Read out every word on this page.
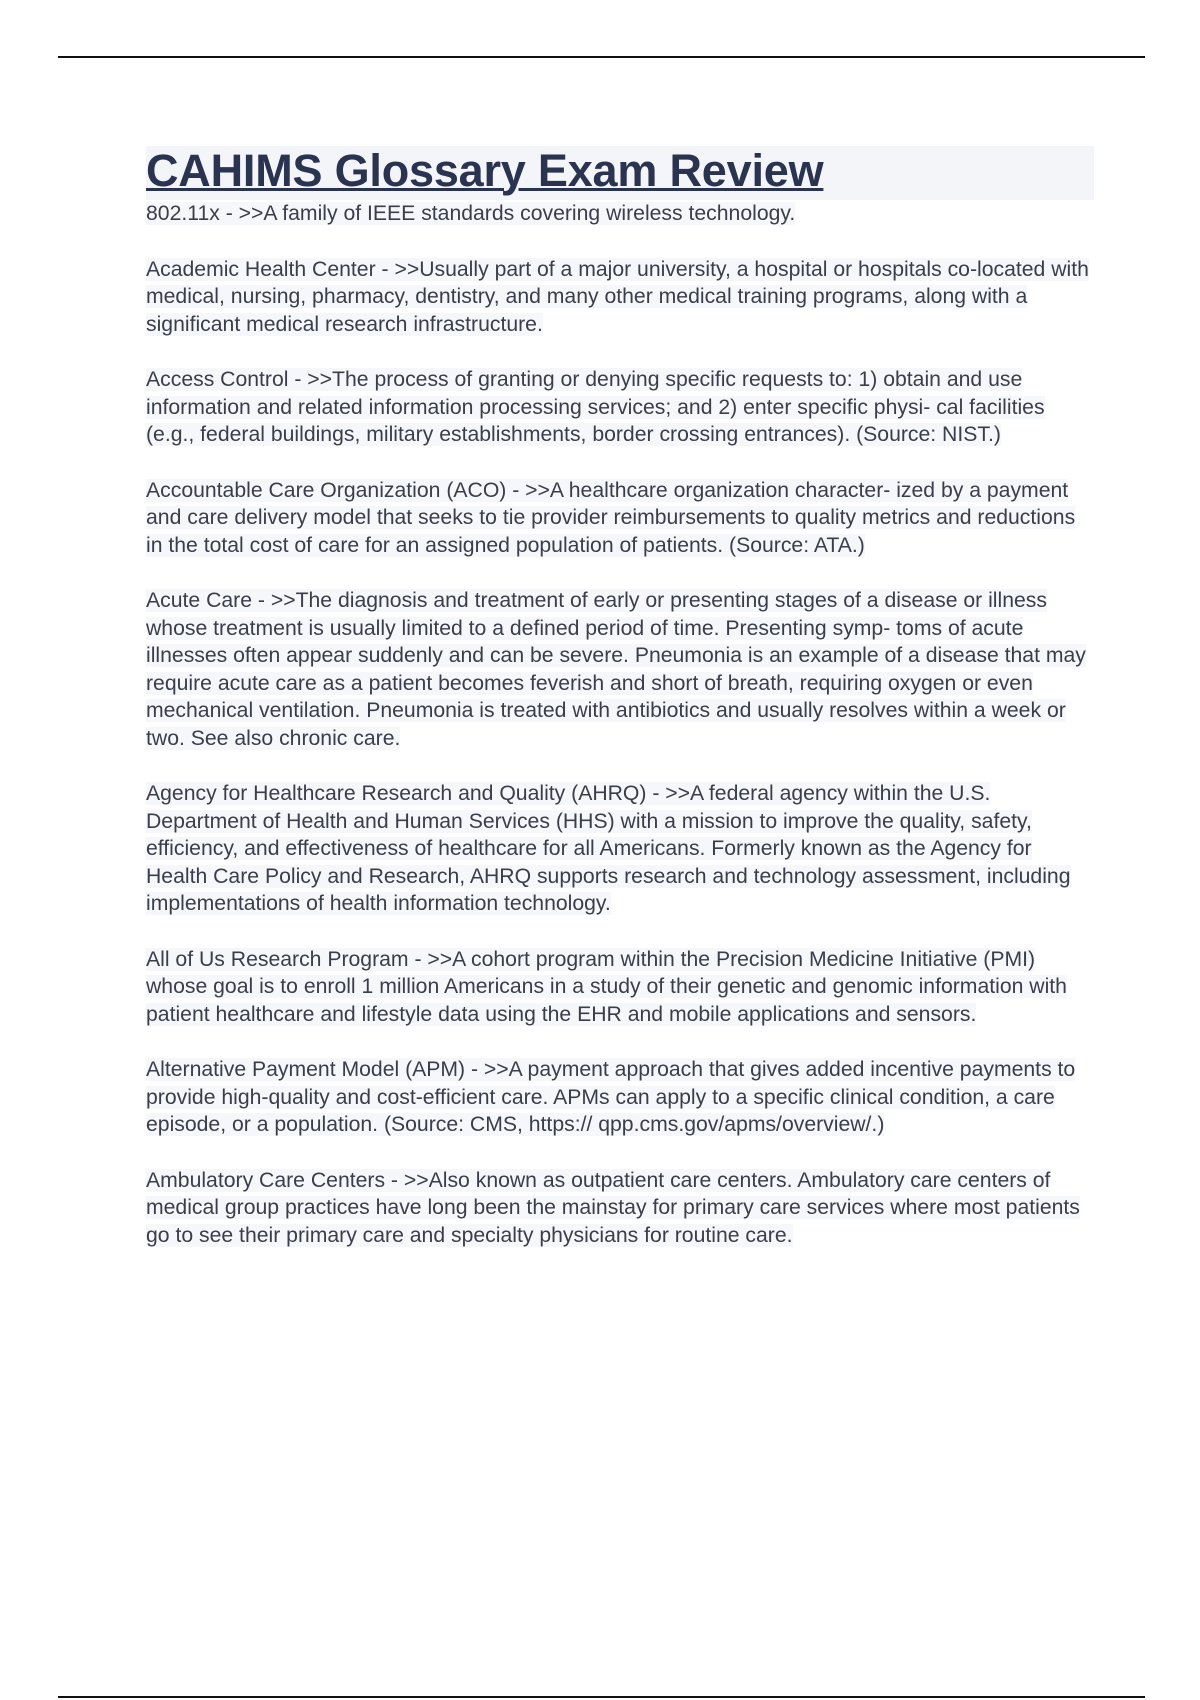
CAHIMS Glossary Exam Review
802.11x - >>A family of IEEE standards covering wireless technology.
Academic Health Center - >>Usually part of a major university, a hospital or hospitals co-located with medical, nursing, pharmacy, dentistry, and many other medical training programs, along with a significant medical research infrastructure.
Access Control - >>The process of granting or denying specific requests to: 1) obtain and use information and related information processing services; and 2) enter specific physi- cal facilities (e.g., federal buildings, military establishments, border crossing entrances). (Source: NIST.)
Accountable Care Organization (ACO) - >>A healthcare organization character- ized by a payment and care delivery model that seeks to tie provider reimbursements to quality metrics and reductions in the total cost of care for an assigned population of patients. (Source: ATA.)
Acute Care - >>The diagnosis and treatment of early or presenting stages of a disease or illness whose treatment is usually limited to a defined period of time. Presenting symp- toms of acute illnesses often appear suddenly and can be severe. Pneumonia is an example of a disease that may require acute care as a patient becomes feverish and short of breath, requiring oxygen or even mechanical ventilation. Pneumonia is treated with antibiotics and usually resolves within a week or two. See also chronic care.
Agency for Healthcare Research and Quality (AHRQ) - >>A federal agency within the U.S. Department of Health and Human Services (HHS) with a mission to improve the quality, safety, efficiency, and effectiveness of healthcare for all Americans. Formerly known as the Agency for Health Care Policy and Research, AHRQ supports research and technology assessment, including implementations of health information technology.
All of Us Research Program - >>A cohort program within the Precision Medicine Initiative (PMI) whose goal is to enroll 1 million Americans in a study of their genetic and genomic information with patient healthcare and lifestyle data using the EHR and mobile applications and sensors.
Alternative Payment Model (APM) - >>A payment approach that gives added incentive payments to provide high-quality and cost-efficient care. APMs can apply to a specific clinical condition, a care episode, or a population. (Source: CMS, https:// qpp.cms.gov/apms/overview/.)
Ambulatory Care Centers - >>Also known as outpatient care centers. Ambulatory care centers of medical group practices have long been the mainstay for primary care services where most patients go to see their primary care and specialty physicians for routine care.
